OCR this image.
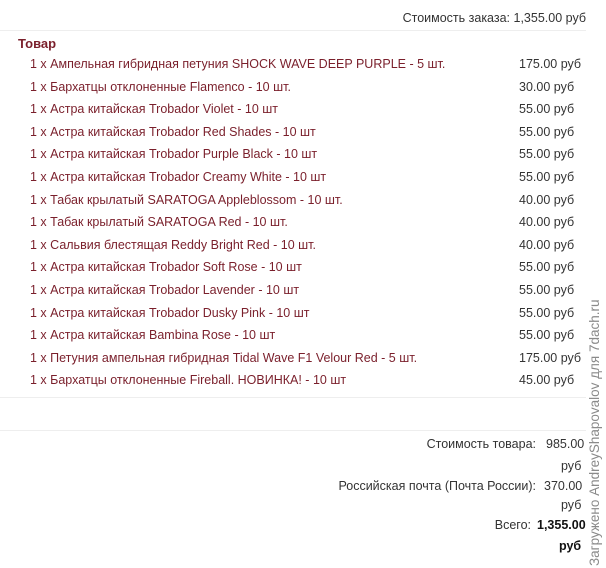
Стоимость заказа: 1,355.00 руб
Товар
1 x Ампельная гибридная петуния SHOCK WAVE DEEP PURPLE - 5 шт.	175.00 руб
1 x Бархатцы отклоненные Flamenco - 10 шт.	30.00 руб
1 x Астра китайская Trobador Violet - 10 шт	55.00 руб
1 x Астра китайская Trobador Red Shades - 10 шт	55.00 руб
1 x Астра китайская Trobador Purple Black - 10 шт	55.00 руб
1 x Астра китайская Trobador Creamy White - 10 шт	55.00 руб
1 x Табак крылатый SARATOGA Appleblossom - 10 шт.	40.00 руб
1 x Табак крылатый SARATOGA Red - 10 шт.	40.00 руб
1 x Сальвия блестящая Reddy Bright Red - 10 шт.	40.00 руб
1 x Астра китайская Trobador Soft Rose - 10 шт	55.00 руб
1 x Астра китайская Trobador Lavender - 10 шт	55.00 руб
1 x Астра китайская Trobador Dusky Pink - 10 шт	55.00 руб
1 x Астра китайская Bambina Rose - 10 шт	55.00 руб
1 x Петуния ампельная гибридная Tidal Wave F1 Velour Red - 5 шт.	175.00 руб
1 x Бархатцы отклоненные Fireball. НОВИНКА! - 10 шт	45.00 руб
Стоимость товара: 985.00
руб
Российская почта (Почта России): 370.00
руб
Всего: 1,355.00
руб Загружено AndreyShapovalov для 7dach.ru
